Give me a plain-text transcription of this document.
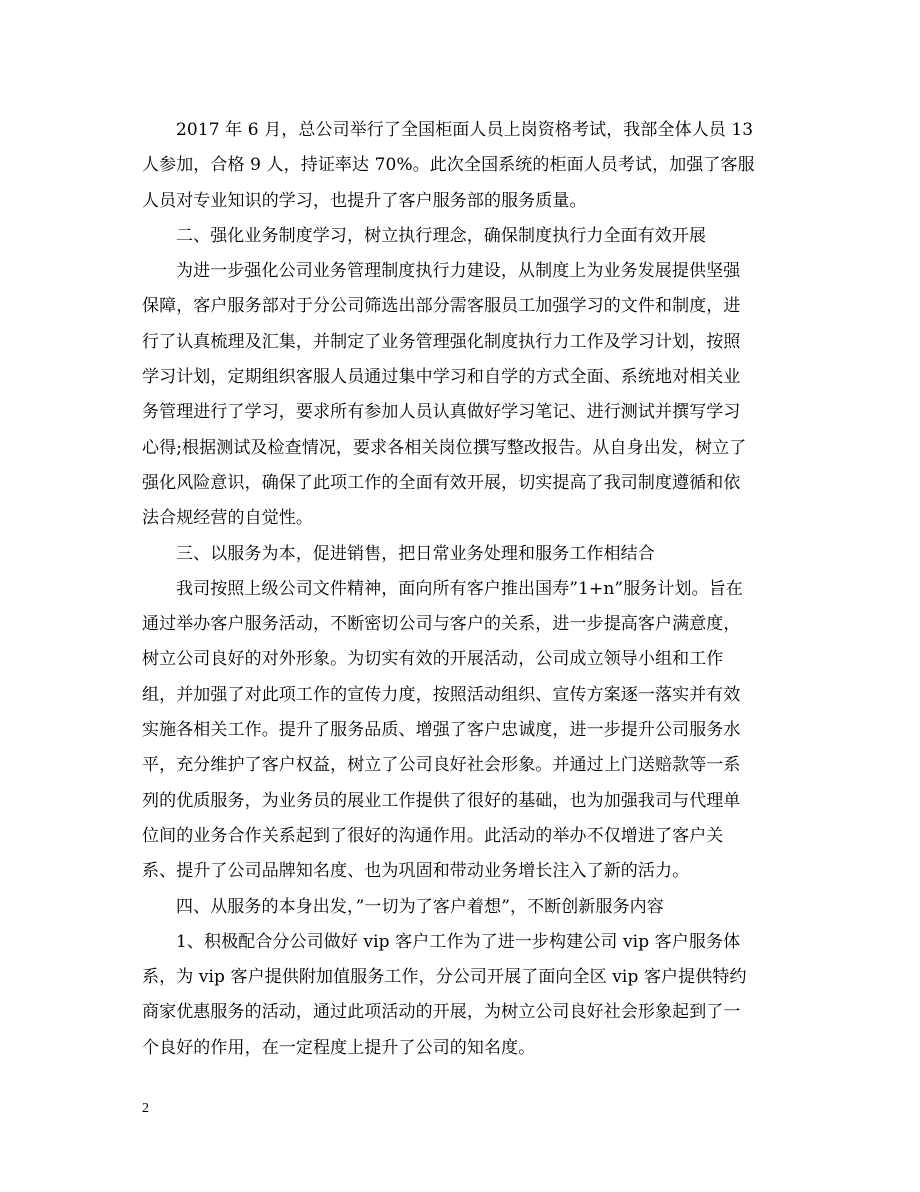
2017 年 6 月，总公司举行了全国柜面人员上岗资格考试，我部全体人员 13
人参加，合格 9 人，持证率达 70%。此次全国系统的柜面人员考试，加强了客服
人员对专业知识的学习，也提升了客户服务部的服务质量。
二、强化业务制度学习，树立执行理念，确保制度执行力全面有效开展
为进一步强化公司业务管理制度执行力建设，从制度上为业务发展提供坚强
保障，客户服务部对于分公司筛选出部分需客服员工加强学习的文件和制度，进
行了认真梳理及汇集，并制定了业务管理强化制度执行力工作及学习计划，按照
学习计划，定期组织客服人员通过集中学习和自学的方式全面、系统地对相关业
务管理进行了学习，要求所有参加人员认真做好学习笔记、进行测试并撰写学习
心得;根据测试及检查情况，要求各相关岗位撰写整改报告。从自身出发，树立了
强化风险意识，确保了此项工作的全面有效开展，切实提高了我司制度遵循和依
法合规经营的自觉性。
三、以服务为本，促进销售，把日常业务处理和服务工作相结合
我司按照上级公司文件精神，面向所有客户推出国寿”1+n”服务计划。旨在
通过举办客户服务活动，不断密切公司与客户的关系，进一步提高客户满意度，
树立公司良好的对外形象。为切实有效的开展活动，公司成立领导小组和工作
组，并加强了对此项工作的宣传力度，按照活动组织、宣传方案逐一落实并有效
实施各相关工作。提升了服务品质、增强了客户忠诚度，进一步提升公司服务水
平，充分维护了客户权益，树立了公司良好社会形象。并通过上门送赔款等一系
列的优质服务，为业务员的展业工作提供了很好的基础，也为加强我司与代理单
位间的业务合作关系起到了很好的沟通作用。此活动的举办不仅增进了客户关
系、提升了公司品牌知名度、也为巩固和带动业务增长注入了新的活力。
四、从服务的本身出发，”一切为了客户着想”，不断创新服务内容
1、积极配合分公司做好 vip 客户工作为了进一步构建公司 vip 客户服务体
系，为 vip 客户提供附加值服务工作，分公司开展了面向全区 vip 客户提供特约
商家优惠服务的活动，通过此项活动的开展，为树立公司良好社会形象起到了一
个良好的作用，在一定程度上提升了公司的知名度。
2
